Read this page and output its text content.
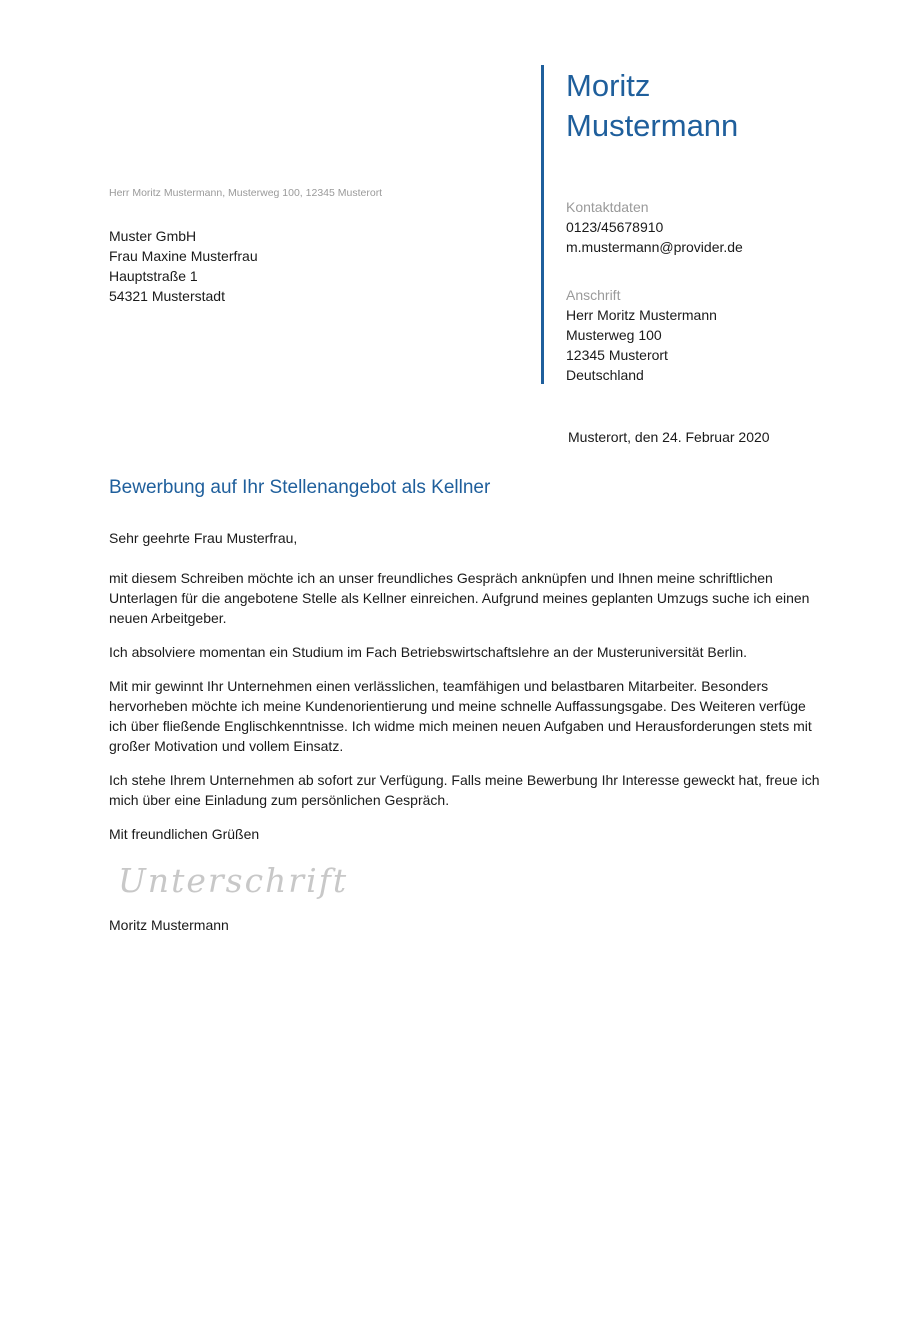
Herr Moritz Mustermann, Musterweg 100, 12345 Musterort
Muster GmbH
Frau Maxine Musterfrau
Hauptstraße 1
54321 Musterstadt
Moritz
Mustermann
Kontaktdaten
0123/45678910
m.mustermann@provider.de
Anschrift
Herr Moritz Mustermann
Musterweg 100
12345 Musterort
Deutschland
Musterort, den 24. Februar 2020
Bewerbung auf Ihr Stellenangebot als Kellner

Sehr geehrte Frau Musterfrau,

mit diesem Schreiben möchte ich an unser freundliches Gespräch anknüpfen und Ihnen meine schriftlichen Unterlagen für die angebotene Stelle als Kellner einreichen. Aufgrund meines geplanten Umzugs suche ich einen neuen Arbeitgeber.

Ich absolviere momentan ein Studium im Fach Betriebswirtschaftslehre an der Musteruniversität Berlin.

Mit mir gewinnt Ihr Unternehmen einen verlässlichen, teamfähigen und belastbaren Mitarbeiter. Besonders hervorheben möchte ich meine Kundenorientierung und meine schnelle Auffassungsgabe. Des Weiteren verfüge ich über fließende Englischkenntnisse. Ich widme mich meinen neuen Aufgaben und Herausforderungen stets mit großer Motivation und vollem Einsatz.

Ich stehe Ihrem Unternehmen ab sofort zur Verfügung. Falls meine Bewerbung Ihr Interesse geweckt hat, freue ich mich über eine Einladung zum persönlichen Gespräch.

Mit freundlichen Grüßen

Unterschrift
Moritz Mustermann
